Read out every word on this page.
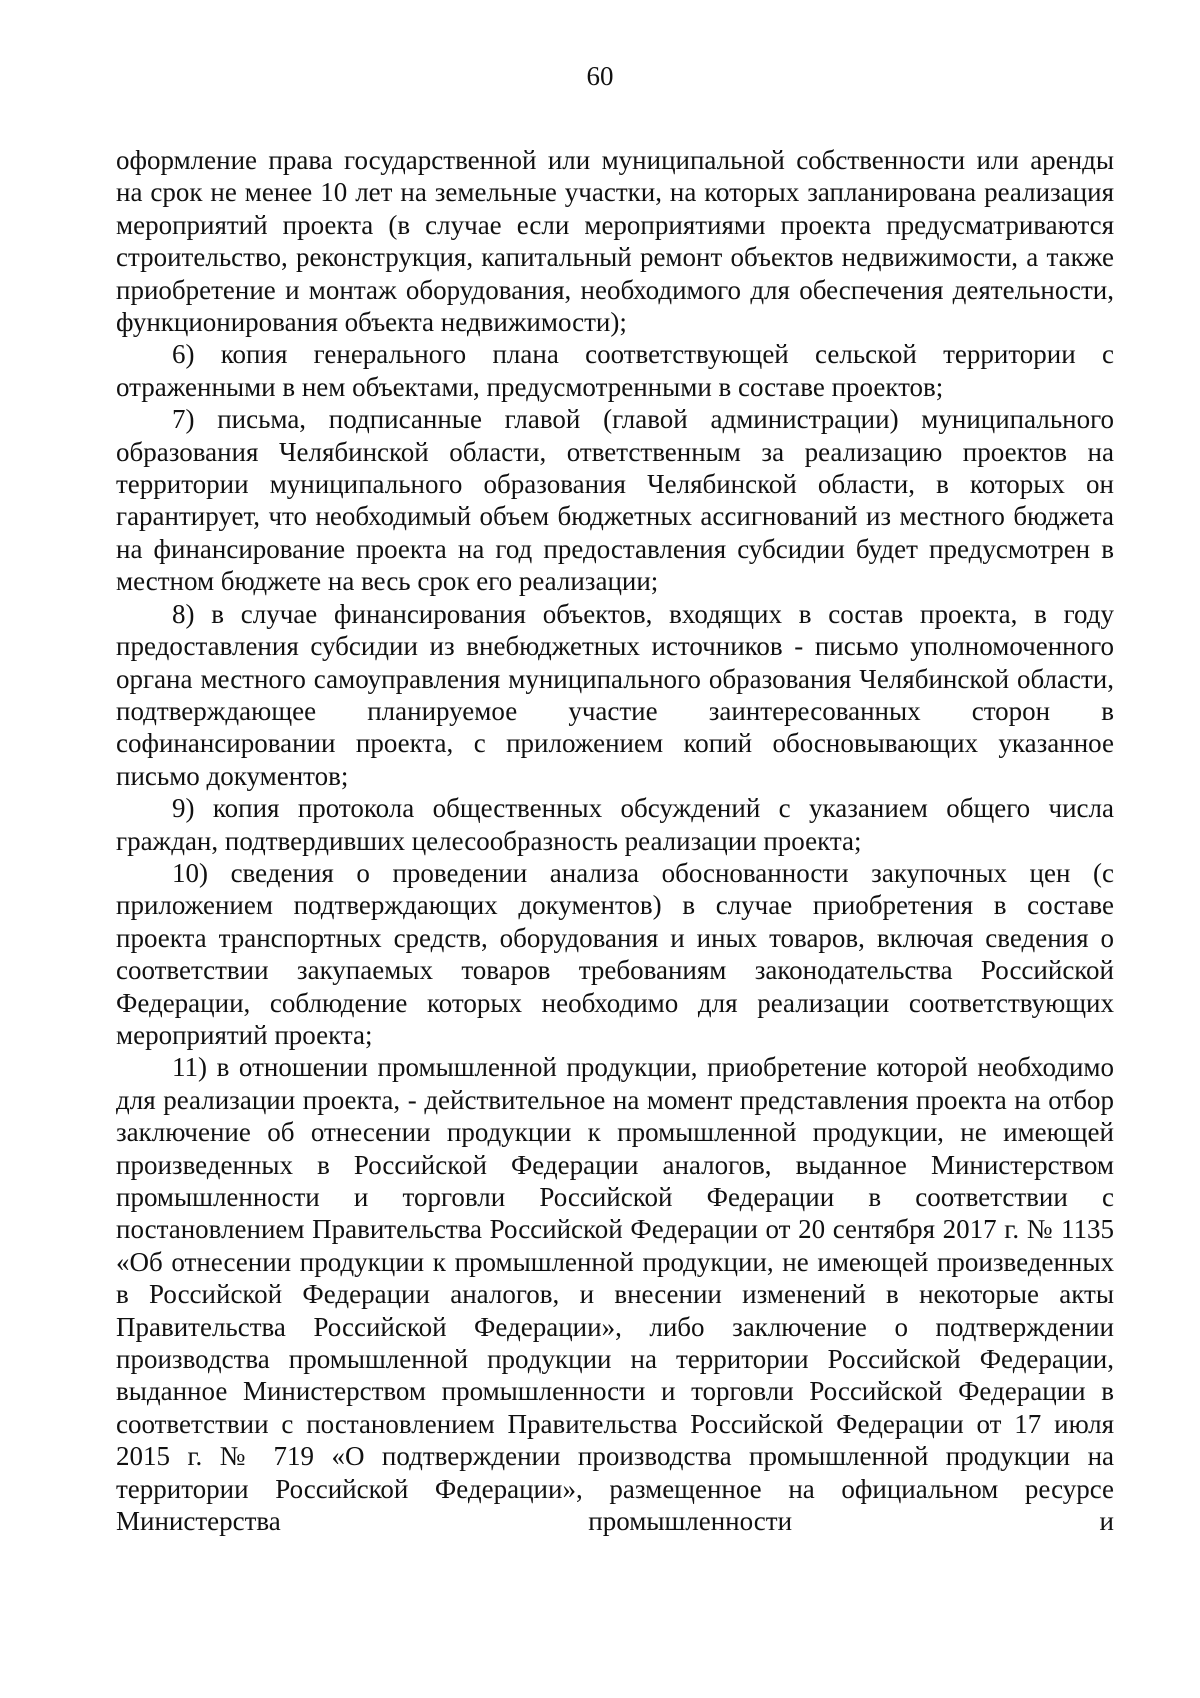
60

оформление права государственной или муниципальной собственности или аренды на срок не менее 10 лет на земельные участки, на которых запланирована реализация мероприятий проекта (в случае если мероприятиями проекта предусматриваются строительство, реконструкция, капитальный ремонт объектов недвижимости, а также приобретение и монтаж оборудования, необходимого для обеспечения деятельности, функционирования объекта недвижимости);

6) копия генерального плана соответствующей сельской территории с отраженными в нем объектами, предусмотренными в составе проектов;

7) письма, подписанные главой (главой администрации) муниципального образования Челябинской области, ответственным за реализацию проектов на территории муниципального образования Челябинской области, в которых он гарантирует, что необходимый объем бюджетных ассигнований из местного бюджета на финансирование проекта на год предоставления субсидии будет предусмотрен в местном бюджете на весь срок его реализации;

8) в случае финансирования объектов, входящих в состав проекта, в году предоставления субсидии из внебюджетных источников - письмо уполномоченного органа местного самоуправления муниципального образования Челябинской области, подтверждающее планируемое участие заинтересованных сторон в софинансировании проекта, с приложением копий обосновывающих указанное письмо документов;

9) копия протокола общественных обсуждений с указанием общего числа граждан, подтвердивших целесообразность реализации проекта;

10) сведения о проведении анализа обоснованности закупочных цен (с приложением подтверждающих документов) в случае приобретения в составе проекта транспортных средств, оборудования и иных товаров, включая сведения о соответствии закупаемых товаров требованиям законодательства Российской Федерации, соблюдение которых необходимо для реализации соответствующих мероприятий проекта;

11) в отношении промышленной продукции, приобретение которой необходимо для реализации проекта, - действительное на момент представления проекта на отбор заключение об отнесении продукции к промышленной продукции, не имеющей произведенных в Российской Федерации аналогов, выданное Министерством промышленности и торговли Российской Федерации в соответствии с постановлением Правительства Российской Федерации от 20 сентября 2017 г. № 1135 «Об отнесении продукции к промышленной продукции, не имеющей произведенных в Российской Федерации аналогов, и внесении изменений в некоторые акты Правительства Российской Федерации», либо заключение о подтверждении производства промышленной продукции на территории Российской Федерации, выданное Министерством промышленности и торговли Российской Федерации в соответствии с постановлением Правительства Российской Федерации от 17 июля 2015 г. № 719 «О подтверждении производства промышленной продукции на территории Российской Федерации», размещенное на официальном ресурсе Министерства промышленности и
